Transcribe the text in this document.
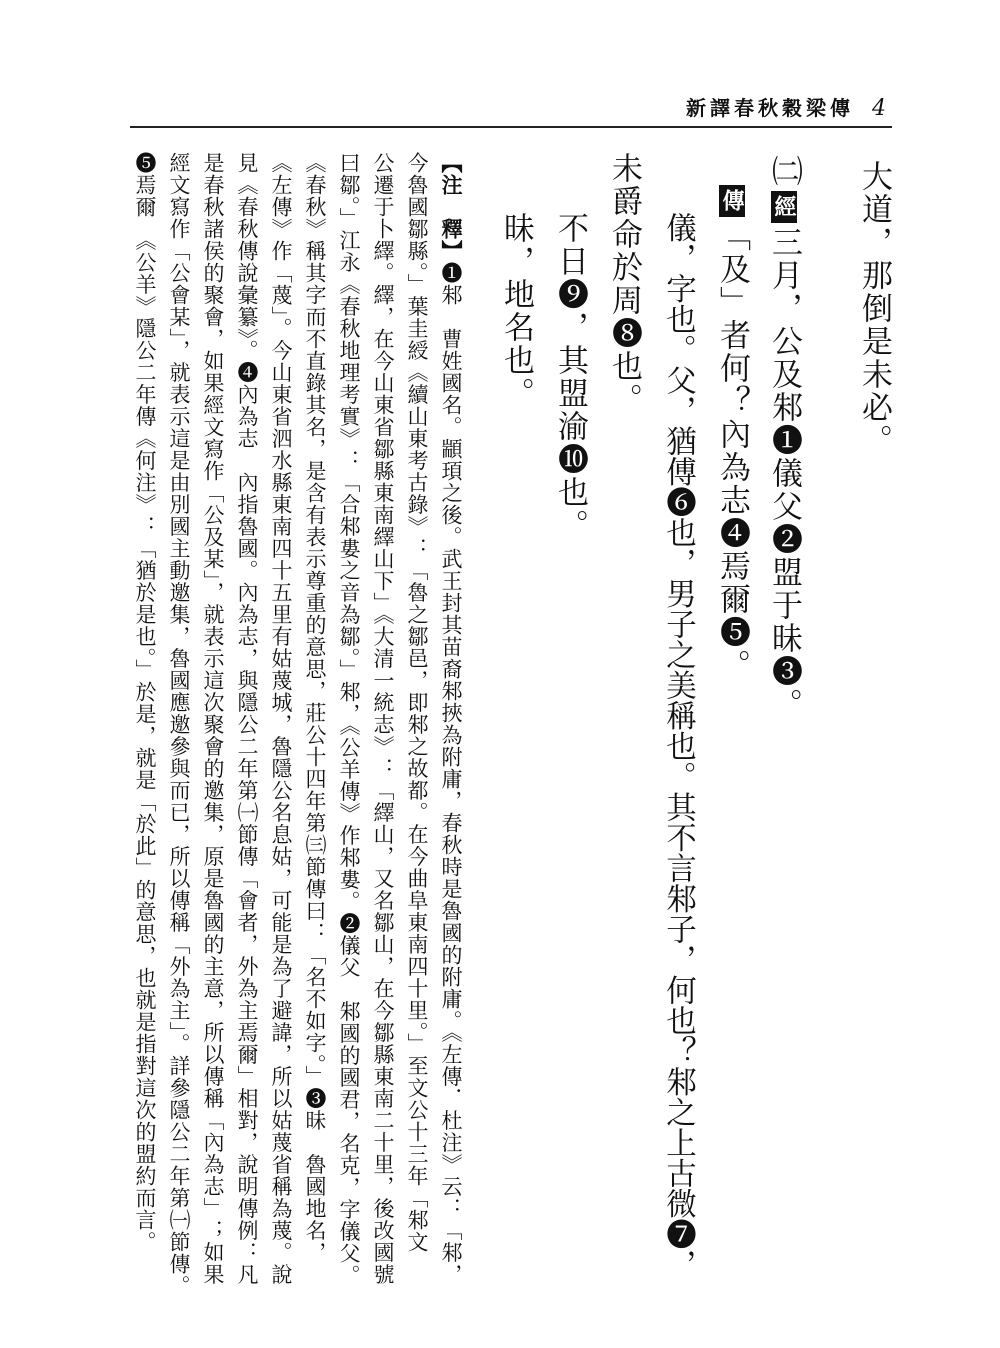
新譯春秋穀梁傳 4
大道，那倒是未必。
㈡經三月，公及邾❶儀父❷盟于昧❸。
傳「及」者何？內為志❹焉爾❺。
儀，字也。父，猶傅❻也，男子之美稱也。其不言邾子，何也？邾之上古微❼，
未爵命於周❽也。
不日❾，其盟渝❿也。
昧，地名也。
【注　釋】❶邾　曹姓國名。顓頊之後。武王封其苗裔邾挾為附庸，春秋時是魯國的附庸。《左傳．杜注》云：「邾，
今魯國鄒縣。」葉圭綬《續山東考古錄》：「魯之鄒邑，即邾之故都。在今曲阜東南四十里。」至文公十三年「邾文
公遷于卜繹。繹，在今山東省鄒縣東南繹山下」《大清一統志》：「繹山，又名鄒山，在今鄒縣東南二十里，後改國號
曰鄒。」江永《春秋地理考實》：「合邾婁之音為鄒。」邾，《公羊傳》作邾婁。❷儀父　邾國的國君，名克，字儀父。
《春秋》稱其字而不直錄其名，是含有表示尊重的意思，莊公十四年第㈢節傳曰：「名不如字。」❸昧　魯國地名，
《左傳》作「蔑」。今山東省泗水縣東南四十五里有姑蔑城，魯隱公名息姑，可能是為了避諱，所以姑蔑省稱為蔑。說
見《春秋傳說彙纂》。❹內為志　內指魯國。內為志，與隱公二年第㈠節傳「會者，外為主焉爾」相對，說明傳例：凡
是春秋諸侯的聚會，如果經文寫作「公及某」，就表示這次聚會的邀集，原是魯國的主意，所以傳稱「內為志」；如果
經文寫作「公會某」，就表示這是由別國主動邀集，魯國應邀參與而已，所以傳稱「外為主」。詳參隱公二年第㈠節傳。
❺焉爾　《公羊》隱公二年傳《何注》：「猶於是也。」於是，就是「於此」的意思，也就是指對這次的盟約而言。
